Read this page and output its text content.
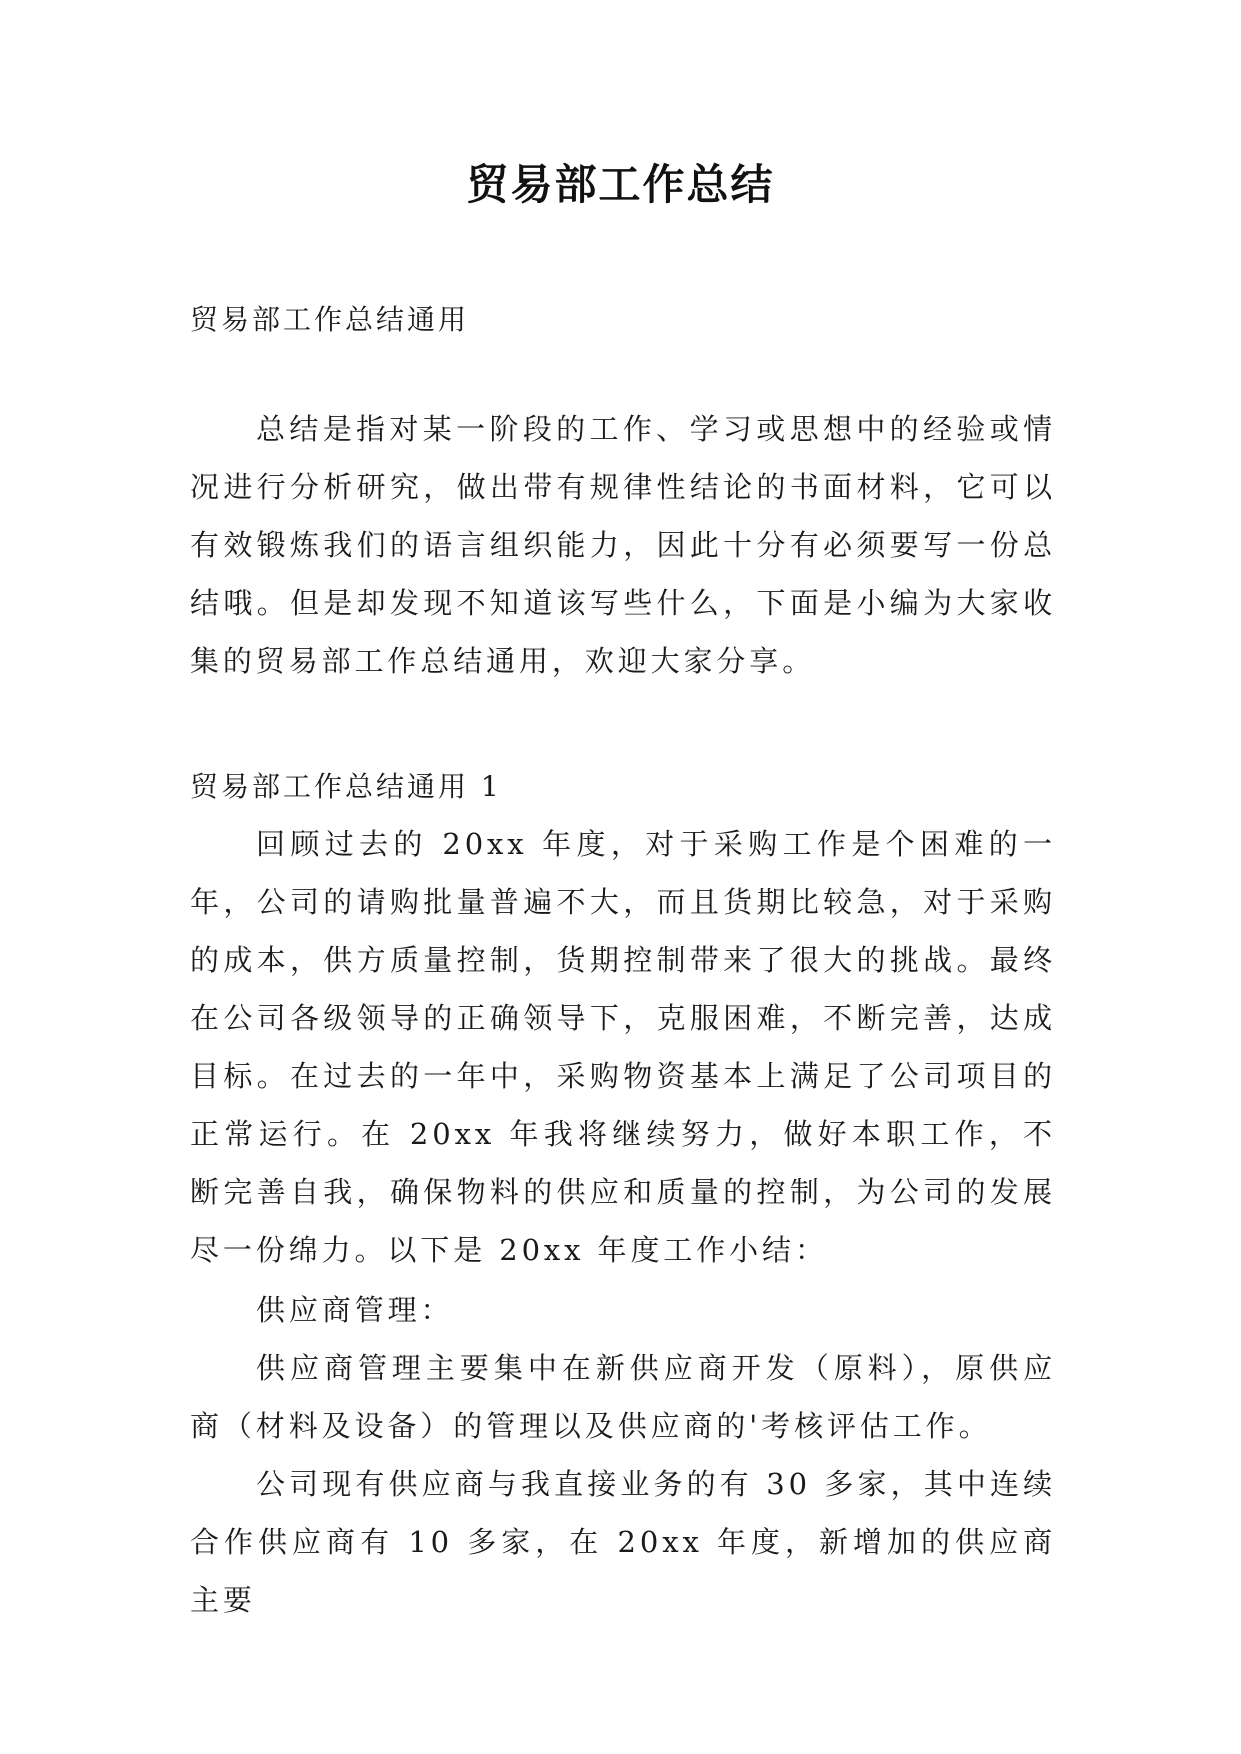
贸易部工作总结
贸易部工作总结通用

总结是指对某一阶段的工作、学习或思想中的经验或情况进行分析研究，做出带有规律性结论的书面材料，它可以有效锻炼我们的语言组织能力，因此十分有必须要写一份总结哦。但是却发现不知道该写些什么，下面是小编为大家收集的贸易部工作总结通用，欢迎大家分享。

贸易部工作总结通用 1

回顾过去的 20xx 年度，对于采购工作是个困难的一年，公司的请购批量普遍不大，而且货期比较急，对于采购的成本，供方质量控制，货期控制带来了很大的挑战。最终在公司各级领导的正确领导下，克服困难，不断完善，达成目标。在过去的一年中，采购物资基本上满足了公司项目的正常运行。在 20xx 年我将继续努力，做好本职工作，不断完善自我，确保物料的供应和质量的控制，为公司的发展尽一份绵力。以下是 20xx 年度工作小结：

供应商管理：

供应商管理主要集中在新供应商开发（原料），原供应商（材料及设备）的管理以及供应商的'考核评估工作。

公司现有供应商与我直接业务的有 30 多家，其中连续合作供应商有 10 多家，在 20xx 年度，新增加的供应商主要
